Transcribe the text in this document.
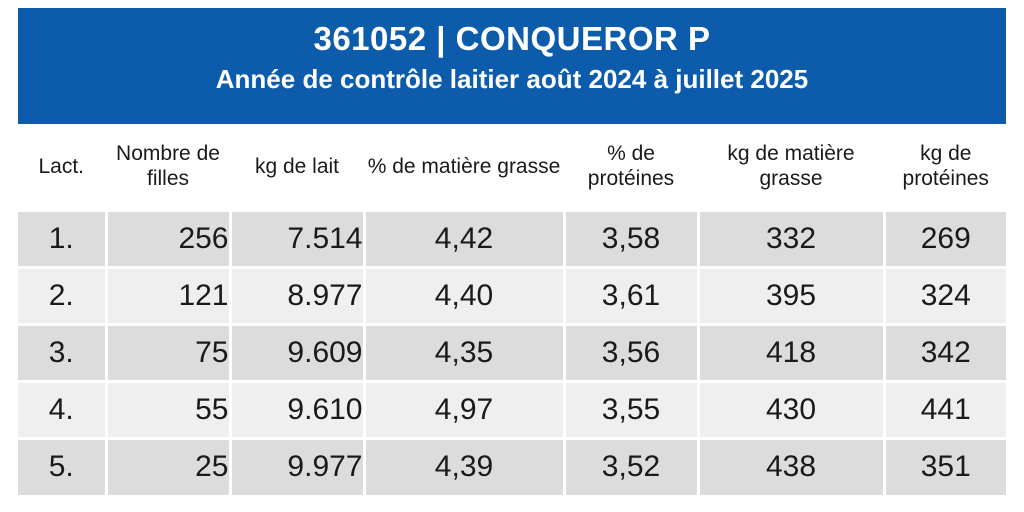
361052 | CONQUEROR P
Année de contrôle laitier août 2024 à juillet 2025
Lact.	Nombre de filles	kg de lait	% de matière grasse	% de protéines	kg de matière grasse	kg de protéines
1.	256	7.514	4,42	3,58	332	269
2.	121	8.977	4,40	3,61	395	324
3.	75	9.609	4,35	3,56	418	342
4.	55	9.610	4,97	3,55	430	441
5.	25	9.977	4,39	3,52	438	351
